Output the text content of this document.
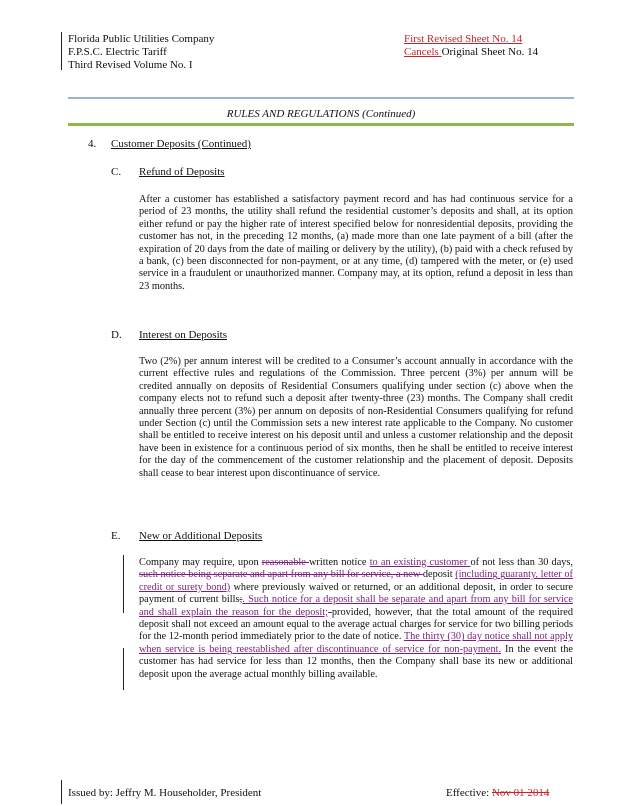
Florida Public Utilities Company
F.P.S.C. Electric Tariff
Third Revised Volume No. I
First Revised Sheet No. 14
Cancels Original Sheet No. 14
RULES AND REGULATIONS (Continued)
4. Customer Deposits (Continued)
C. Refund of Deposits
After a customer has established a satisfactory payment record and has had continuous service for a period of 23 months, the utility shall refund the residential customer’s deposits and shall, at its option either refund or pay the higher rate of interest specified below for nonresidential deposits, providing the customer has not, in the preceding 12 months, (a) made more than one late payment of a bill (after the expiration of 20 days from the date of mailing or delivery by the utility), (b) paid with a check refused by a bank, (c) been disconnected for non-payment, or at any time, (d) tampered with the meter, or (e) used service in a fraudulent or unauthorized manner. Company may, at its option, refund a deposit in less than 23 months.
D. Interest on Deposits
Two (2%) per annum interest will be credited to a Consumer’s account annually in accordance with the current effective rules and regulations of the Commission. Three percent (3%) per annum will be credited annually on deposits of Residential Consumers qualifying under section (c) above when the company elects not to refund such a deposit after twenty-three (23) months. The Company shall credit annually three percent (3%) per annum on deposits of non-Residential Consumers qualifying for refund under Section (c) until the Commission sets a new interest rate applicable to the Company. No customer shall be entitled to receive interest on his deposit until and unless a customer relationship and the deposit have been in existence for a continuous period of six months, then he shall be entitled to receive interest for the day of the commencement of the customer relationship and the placement of deposit. Deposits shall cease to bear interest upon discontinuance of service.
E. New or Additional Deposits
Company may require, upon reasonable written notice to an existing customer of not less than 30 days, such notice being separate and apart from any bill for service, a new deposit (including guaranty, letter of credit or surety bond) where previously waived or returned, or an additional deposit, in order to secure payment of current bills;. Such notice for a deposit shall be separate and apart from any bill for service and shall explain the reason for the deposit; provided, however, that the total amount of the required deposit shall not exceed an amount equal to the average actual charges for service for two billing periods for the 12-month period immediately prior to the date of notice. The thirty (30) day notice shall not apply when service is being reestablished after discontinuance of service for non-payment. In the event the customer has had service for less than 12 months, then the Company shall base its new or additional deposit upon the average actual monthly billing available.
Issued by: Jeffry M. Householder, President	Effective: Nov 01 2014
